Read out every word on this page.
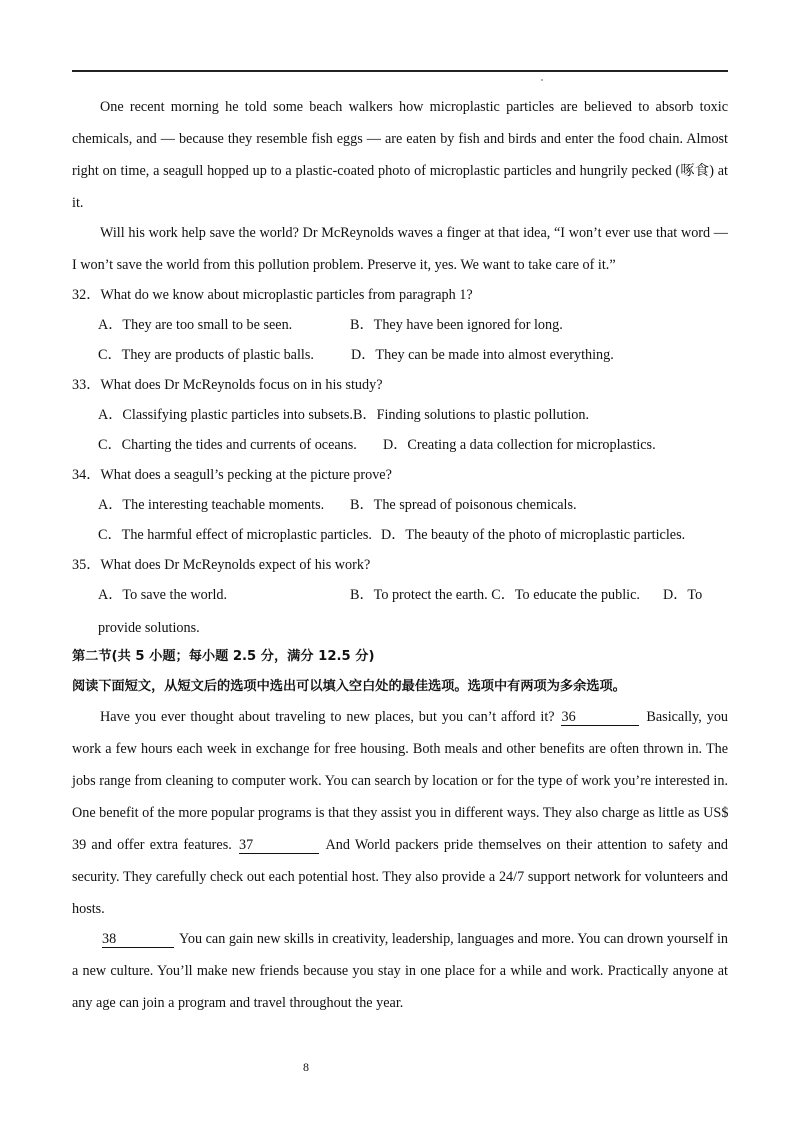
One recent morning he told some beach walkers how microplastic particles are believed to absorb toxic
chemicals, and — because they resemble fish eggs — are eaten by fish and birds and enter the food chain. Almost
right on time, a seagull hopped up to a plastic-coated photo of microplastic particles and hungrily pecked (啄食) at
it.
Will his work help save the world? Dr McReynolds waves a finger at that idea, “I won’t ever use that word —
I won’t save the world from this pollution problem. Preserve it, yes. We want to take care of it.”
32．What do we know about microplastic particles from paragraph 1?
A．They are too small to be seen.	B．They have been ignored for long.
C．They are products of plastic balls.	D．They can be made into almost everything.
33．What does Dr McReynolds focus on in his study?
A．Classifying plastic particles into subsets.B．Finding solutions to plastic pollution.
C．Charting the tides and currents of oceans. D．Creating a data collection for microplastics.
34．What does a seagull’s pecking at the picture prove?
A．The interesting teachable moments. B．The spread of poisonous chemicals.
C．The harmful effect of microplastic particles. D．The beauty of the photo of microplastic particles.
35．What does Dr McReynolds expect of his work?
A．To save the world.	B．To protect the earth. C．To educate the public. D．To
provide solutions.
第二节(共 5 小题；每小题 2.5 分，满分 12.5 分)
阅读下面短文，从短文后的选项中选出可以填入空白处的最佳选项。选项中有两项为多余选项。
Have you ever thought about traveling to new places, but you can’t afford it? 36	Basically, you
work a few hours each week in exchange for free housing. Both meals and other benefits are often thrown in. The
jobs range from cleaning to computer work. You can search by location or for the type of work you’re interested in.
One benefit of the more popular programs is that they assist you in different ways. They also charge as little as US$
39 and offer extra features. 37	And World packers pride themselves on their attention to safety and
security. They carefully check out each potential host. They also provide a 24/7 support network for volunteers and
hosts.
38	You can gain new skills in creativity, leadership, languages and more. You can drown yourself in
a new culture. You’ll make new friends because you stay in one place for a while and work. Practically anyone at
any age can join a program and travel throughout the year.
8
